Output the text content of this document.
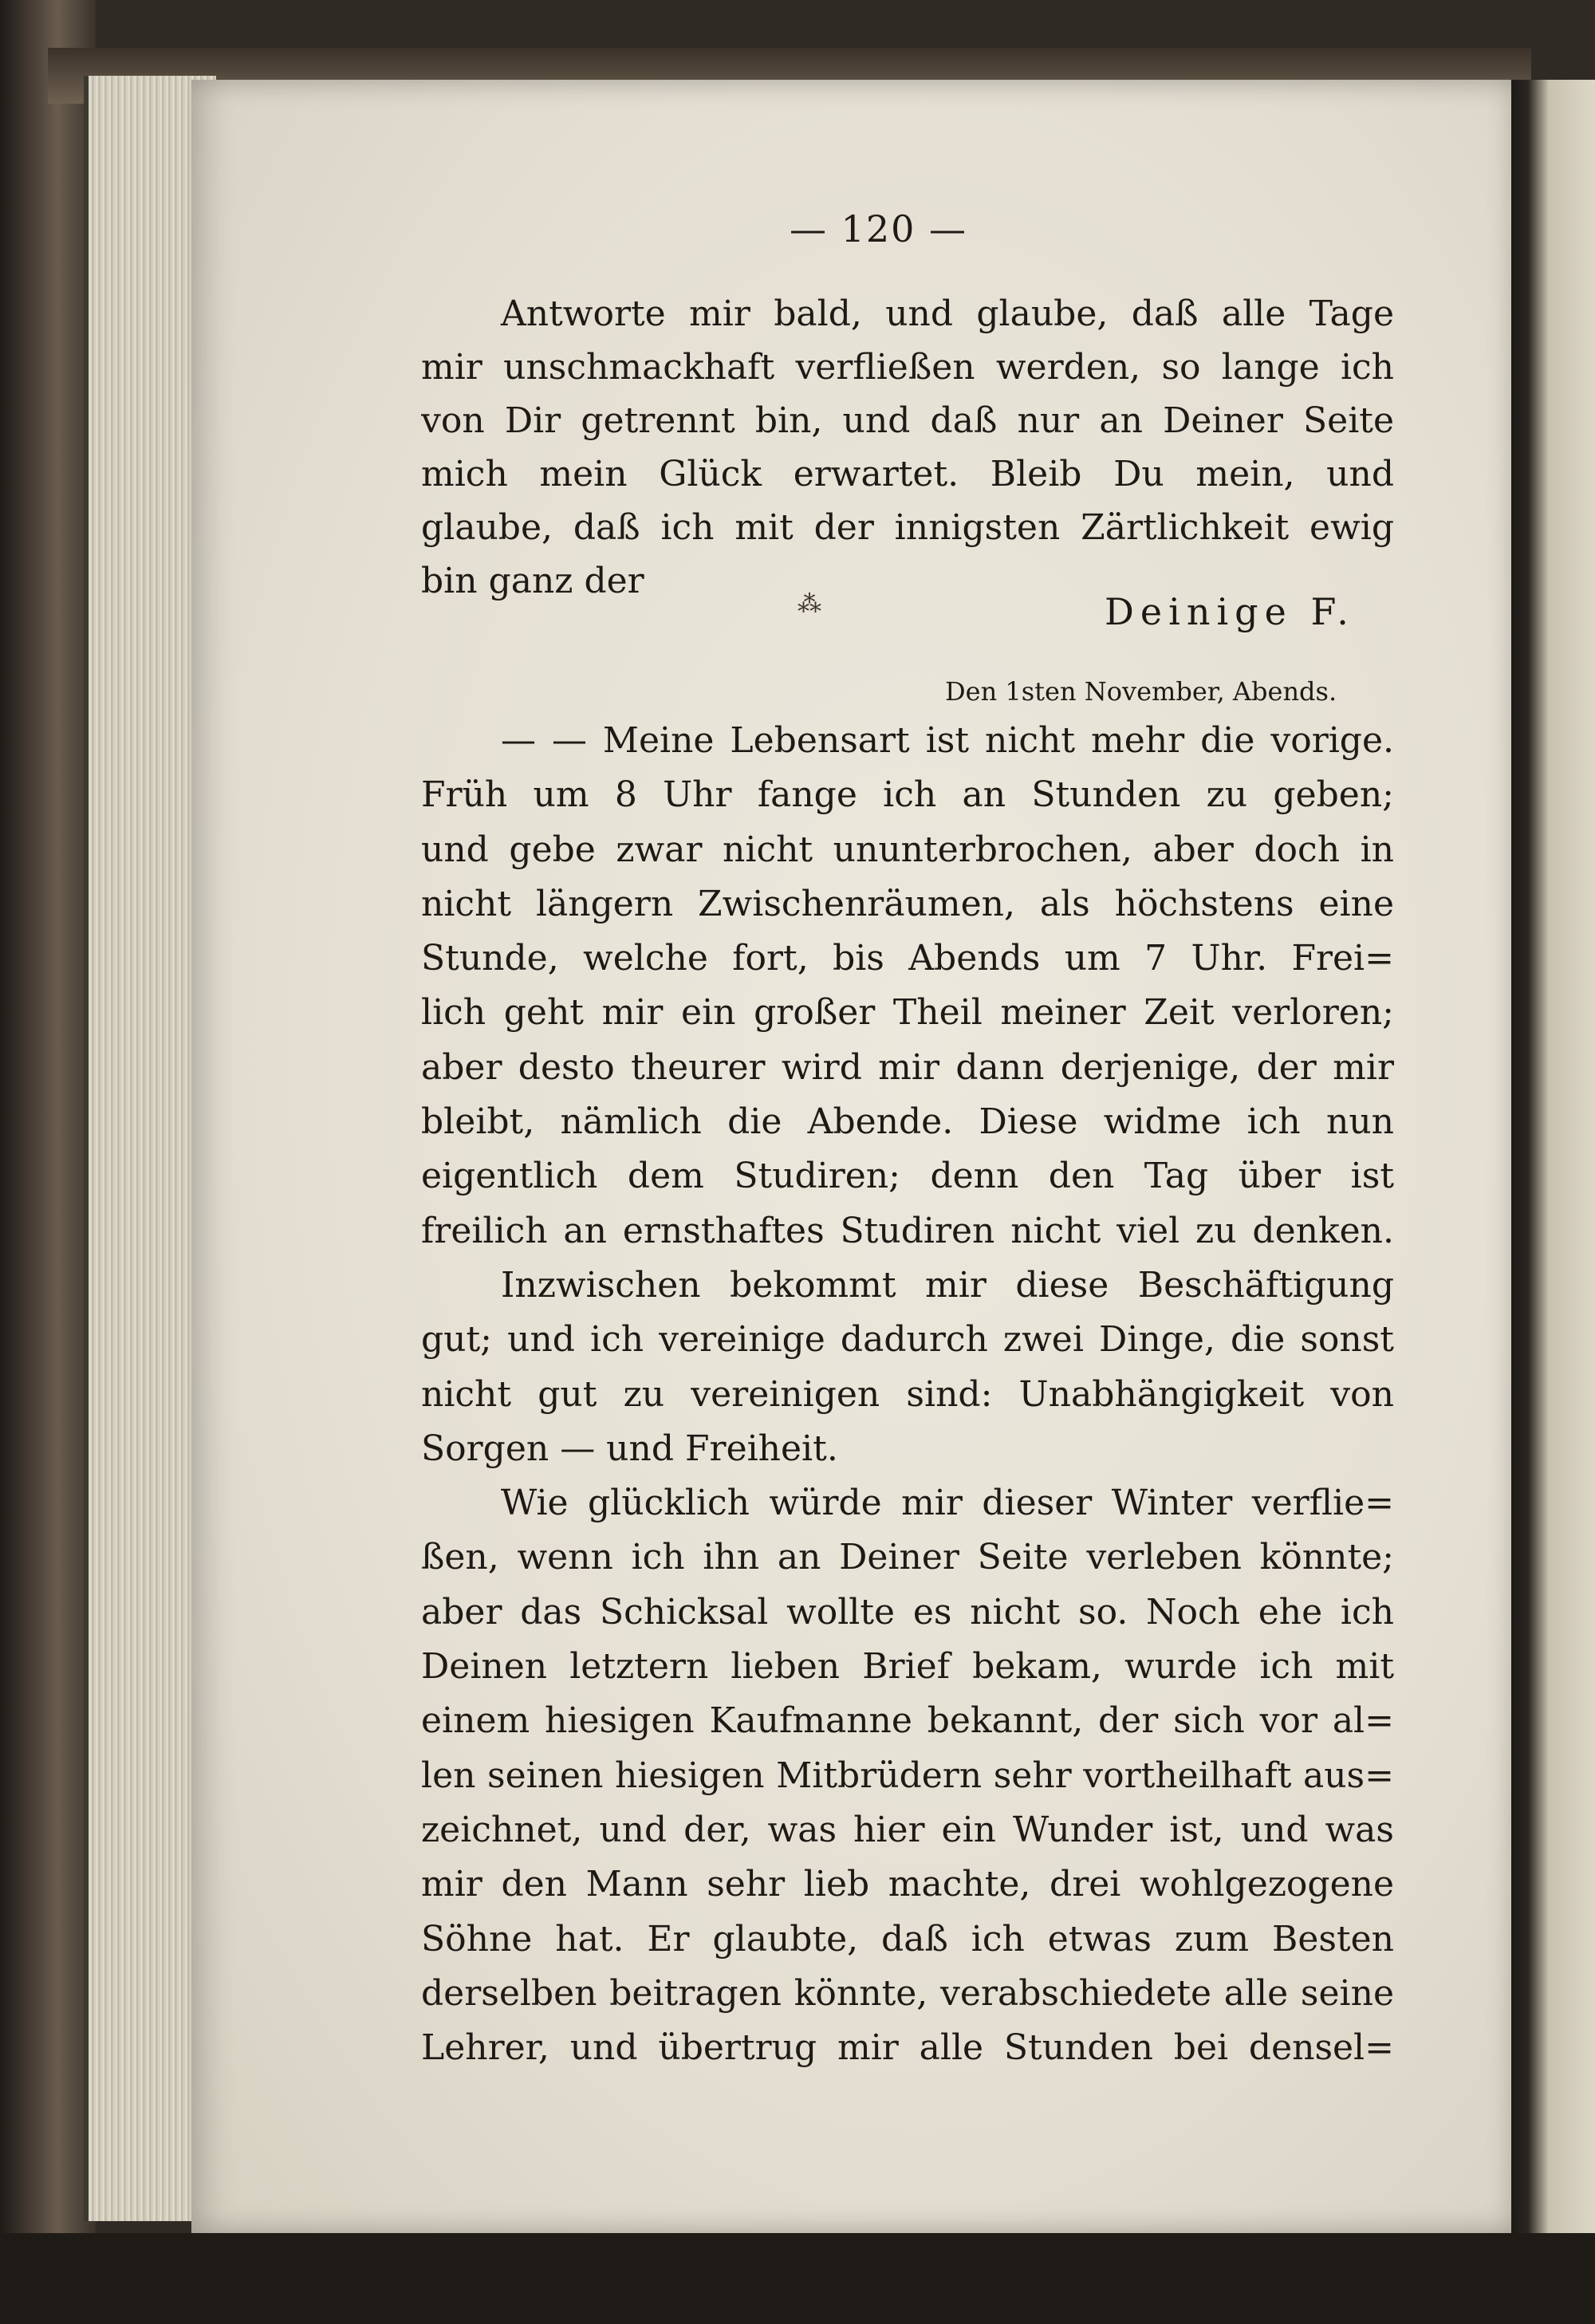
— 120 —
Antworte mir bald, und glaube, daß alle Tage
mir unschmackhaft verfließen werden, so lange ich
von Dir getrennt bin, und daß nur an Deiner Seite
mich mein Glück erwartet. Bleib Du mein, und
glaube, daß ich mit der innigsten Zärtlichkeit ewig
bin ganz der
⁂	Deinige F.
Den 1sten November, Abends.
— — Meine Lebensart ist nicht mehr die vorige.
Früh um 8 Uhr fange ich an Stunden zu geben;
und gebe zwar nicht ununterbrochen, aber doch in
nicht längern Zwischenräumen, als höchstens eine
Stunde, welche fort, bis Abends um 7 Uhr. Frei=
lich geht mir ein großer Theil meiner Zeit verloren;
aber desto theurer wird mir dann derjenige, der mir
bleibt, nämlich die Abende. Diese widme ich nun
eigentlich dem Studiren; denn den Tag über ist
freilich an ernsthaftes Studiren nicht viel zu denken.
Inzwischen bekommt mir diese Beschäftigung
gut; und ich vereinige dadurch zwei Dinge, die sonst
nicht gut zu vereinigen sind: Unabhängigkeit von
Sorgen — und Freiheit.
Wie glücklich würde mir dieser Winter verflie=
ßen, wenn ich ihn an Deiner Seite verleben könnte;
aber das Schicksal wollte es nicht so. Noch ehe ich
Deinen letztern lieben Brief bekam, wurde ich mit
einem hiesigen Kaufmanne bekannt, der sich vor al=
len seinen hiesigen Mitbrüdern sehr vortheilhaft aus=
zeichnet, und der, was hier ein Wunder ist, und was
mir den Mann sehr lieb machte, drei wohlgezogene
Söhne hat. Er glaubte, daß ich etwas zum Besten
derselben beitragen könnte, verabschiedete alle seine
Lehrer, und übertrug mir alle Stunden bei densel=
